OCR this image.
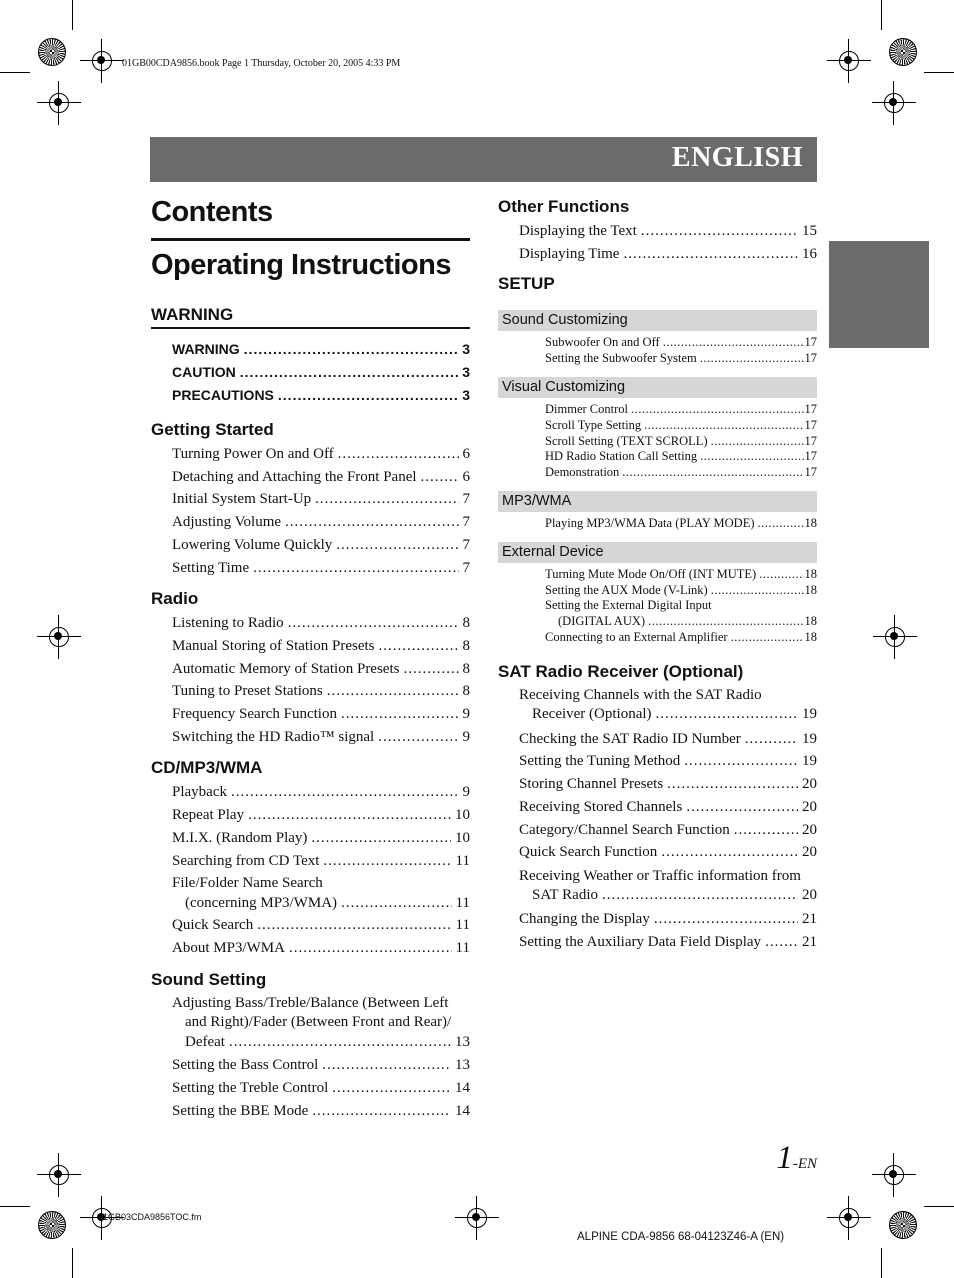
01GB00CDA9856.book Page 1 Thursday, October 20, 2005 4:33 PM
ENGLISH
Contents
Operating Instructions
WARNING
WARNING .....	3
CAUTION .....	3
PRECAUTIONS .....	3
Getting Started
Turning Power On and Off .....	6
Detaching and Attaching the Front Panel .....	6
Initial System Start-Up .....	7
Adjusting Volume .....	7
Lowering Volume Quickly .....	7
Setting Time .....	7
Radio
Listening to Radio .....	8
Manual Storing of Station Presets .....	8
Automatic Memory of Station Presets .....	8
Tuning to Preset Stations .....	8
Frequency Search Function .....	9
Switching the HD Radio™ signal .....	9
CD/MP3/WMA
Playback .....	9
Repeat Play .....	10
M.I.X. (Random Play) .....	10
Searching from CD Text .....	11
File/Folder Name Search
(concerning MP3/WMA) .....	11
Quick Search .....	11
About MP3/WMA .....	11
Sound Setting
Adjusting Bass/Treble/Balance (Between Left
and Right)/Fader (Between Front and Rear)/
Defeat .....	13
Setting the Bass Control .....	13
Setting the Treble Control .....	14
Setting the BBE Mode .....	14
Other Functions
Displaying the Text .....	15
Displaying Time .....	16
SETUP
Sound Customizing
Subwoofer On and Off .....	17
Setting the Subwoofer System .....	17
Visual Customizing
Dimmer Control .....	17
Scroll Type Setting .....	17
Scroll Setting (TEXT SCROLL) .....	17
HD Radio Station Call Setting .....	17
Demonstration .....	17
MP3/WMA
Playing MP3/WMA Data (PLAY MODE) .....	18
External Device
Turning Mute Mode On/Off (INT MUTE) .....	18
Setting the AUX Mode (V-Link) .....	18
Setting the External Digital Input
(DIGITAL AUX) .....	18
Connecting to an External Amplifier .....	18
SAT Radio Receiver (Optional)
Receiving Channels with the SAT Radio
Receiver (Optional) .....	19
Checking the SAT Radio ID Number .....	19
Setting the Tuning Method .....	19
Storing Channel Presets .....	20
Receiving Stored Channels .....	20
Category/Channel Search Function .....	20
Quick Search Function .....	20
Receiving Weather or Traffic information from
SAT Radio .....	20
Changing the Display .....	21
Setting the Auxiliary Data Field Display .....	21
1-EN
01GB03CDA9856TOC.fm
ALPINE CDA-9856 68-04123Z46-A (EN)
